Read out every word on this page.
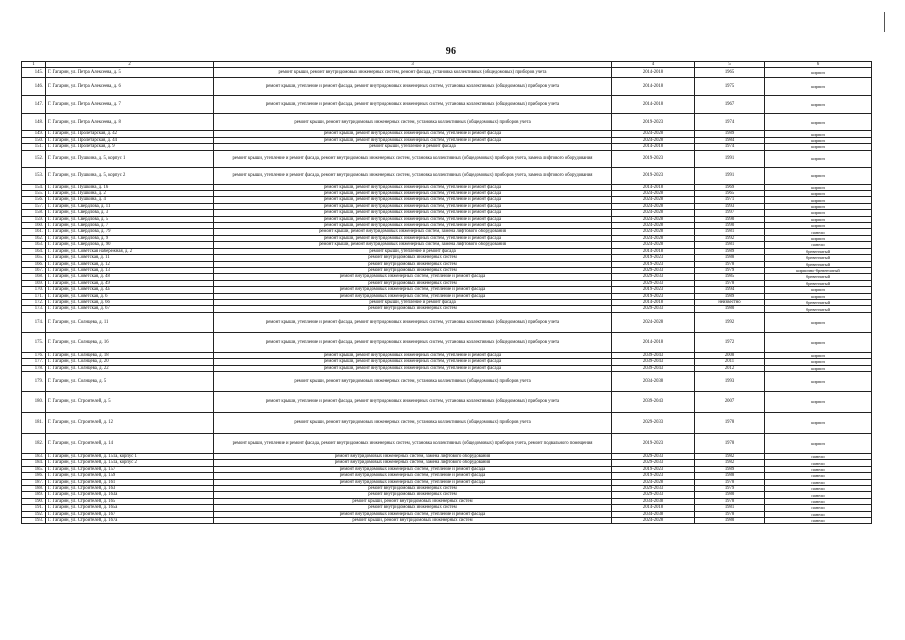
96
1	2	3	4	5	6
145.	Г. Гагарин, ул. Петра Алексеева, д. 5	ремонт крыши, ремонт внутридомовых инженерных систем, ремонт фасада, установка коллективных (общедомовых) приборов учета	2014-2018	1965	кирпич
146.	Г. Гагарин, ул. Петра Алексеева, д. 6	ремонт крыши, утепление и ремонт фасада, ремонт внутридомовых инженерных систем, установка коллективных (общедомовых) приборов учета	2014-2018	1975	кирпич
147.	Г. Гагарин, ул. Петра Алексеева, д. 7	ремонт крыши, утепление и ремонт фасада, ремонт внутридомовых инженерных систем, установка коллективных (общедомовых) приборов учета	2014-2018	1967	кирпич
148.	Г. Гагарин, ул. Петра Алексеева, д. 8	ремонт крыши, ремонт внутридомовых инженерных систем, установка коллективных (общедомовых) приборов учета	2019-2023	1974	кирпич
149.	Г. Гагарин, ул. Пролетарская, д. 42	ремонт крыши, ремонт внутридомовых инженерных систем, утепление и ремонт фасада	2024-2028	1989	кирпич
150.	Г. Гагарин, ул. Пролетарская, д. 44	ремонт крыши, ремонт внутридомовых инженерных систем, утепление и ремонт фасада	2024-2028	1984	кирпич
151.	Г. Гагарин, ул. Пролетарская, д. 9	ремонт крыши, утепление и ремонт фасада	2014-2018	1974	кирпич
152.	Г. Гагарин, ул. Пушкина, д. 5, корпус 1	ремонт крыши, утепление и ремонт фасада, ремонт внутридомовых инженерных систем, установка коллективных (общедомовых) приборов учета, замена лифтового оборудования	2019-2023	1991	кирпич
153.	Г. Гагарин, ул. Пушкина, д. 5, корпус 2	ремонт крыши, утепление и ремонт фасада, ремонт внутридомовых инженерных систем, установка коллективных (общедомовых) приборов учета, замена лифтового оборудования	2019-2023	1991	кирпич
154.	Г. Гагарин, ул. Пушкина, д. 16	ремонт крыши, ремонт внутридомовых инженерных систем, утепление и ремонт фасада	2014-2018	1969	кирпич
155.	Г. Гагарин, ул. Пушкина, д. 2	ремонт крыши, ремонт внутридомовых инженерных систем, утепление и ремонт фасада	2024-2028	1965	кирпич
156.	Г. Гагарин, ул. Пушкина, д. 4	ремонт крыши, ремонт внутридомовых инженерных систем, утепление и ремонт фасада	2024-2028	1971	кирпич
157.	Г. Гагарин, ул. Свердлова, д. 11	ремонт крыши, ремонт внутридомовых инженерных систем, утепление и ремонт фасада	2024-2028	1993	кирпич
158.	Г. Гагарин, ул. Свердлова, д. 3	ремонт крыши, ремонт внутридомовых инженерных систем, утепление и ремонт фасада	2024-2028	1997	кирпич
159.	Г. Гагарин, ул. Свердлова, д. 5	ремонт крыши, ремонт внутридомовых инженерных систем, утепление и ремонт фасада	2024-2028	1990	кирпич
160.	Г. Гагарин, ул. Свердлова, д. 7	ремонт крыши, ремонт внутридомовых инженерных систем, утепление и ремонт фасада	2024-2028	1990	кирпич
161.	Г. Гагарин, ул. Свердлова, д. 79	ремонт крыши, ремонт внутридомовых инженерных систем, замена лифтового оборудования	2024-2028	1981	панели
162.	Г. Гагарин, ул. Свердлова, д. 9	ремонт крыши, ремонт внутридомовых инженерных систем, утепление и ремонт фасада	2024-2028	1992	кирпич
163.	Г. Гагарин, ул. Свердлова, д. 90	ремонт крыши, ремонт внутридомовых инженерных систем, замена лифтового оборудования	2024-2028	1981	панели
164.	Г. Гагарин, ул. Советская набережная, д. 2	ремонт крыши, утепление и ремонт фасада	2014-2018	1989	бревенчатый
165.	Г. Гагарин, ул. Советская, д. 11	ремонт внутридомовых инженерных систем	2019-2023	1988	бревенчатый
166.	Г. Гагарин, ул. Советская, д. 12	ремонт внутридомовых инженерных систем	2019-2023	1978	бревенчатый
167.	Г. Гагарин, ул. Советская, д. 13	ремонт внутридомовых инженерных систем	2029-2033	1979	кирпично-бревенчатый
168.	Г. Гагарин, ул. Советская, д. 48	ремонт внутридомовых инженерных систем, утепление и ремонт фасада	2029-2033	1985	бревенчатый
169.	Г. Гагарин, ул. Советская, д. 49	ремонт внутридомовых инженерных систем	2029-2033	1978	бревенчатый
170.	Г. Гагарин, ул. Советская, д. 4а	ремонт внутридомовых инженерных систем, утепление и ремонт фасада	2019-2023	1994	кирпич
171.	Г. Гагарин, ул. Советская, д. 6	ремонт внутридомовых инженерных систем, утепление и ремонт фасада	2019-2023	1989	кирпич
172.	Г. Гагарин, ул. Советская, д. 66	ремонт крыши, утепление и ремонт фасада	2014-2018	неизвестно	бревенчатый
173.	Г. Гагарин, ул. Советская, д. 67	ремонт внутридомовых инженерных систем	2029-2033	1980	бревенчатый
174.	Г. Гагарин, ул. Солнцева, д. 11	ремонт крыши, утепление и ремонт фасада, ремонт внутридомовых инженерных систем, установка коллективных (общедомовых) приборов учета	2024-2028	1992	кирпич
175.	Г. Гагарин, ул. Солнцева, д. 16	ремонт крыши, утепление и ремонт фасада, ремонт внутридомовых инженерных систем, установка коллективных (общедомовых) приборов учета	2014-2018	1972	кирпич
176.	Г. Гагарин, ул. Солнцева, д. 18	ремонт крыши, ремонт внутридомовых инженерных систем, утепление и ремонт фасада	2039-2043	2008	кирпич
177.	Г. Гагарин, ул. Солнцева, д. 20	ремонт крыши, ремонт внутридомовых инженерных систем, утепление и ремонт фасада	2039-2043	2011	кирпич
178.	Г. Гагарин, ул. Солнцева, д. 22	ремонт крыши, ремонт внутридомовых инженерных систем, утепление и ремонт фасада	2039-2043	2012	кирпич
179.	Г. Гагарин, ул. Солнцева, д. 5	ремонт крыши, ремонт внутридомовых инженерных систем, установка коллективных (общедомовых) приборов учета	2034-2038	1993	кирпич
180.	Г. Гагарин, ул. Строителей, д. 5	ремонт крыши, утепление и ремонт фасада, ремонт внутридомовых инженерных систем, установка коллективных (общедомовых) приборов учета	2039-2043	2007	кирпич
181.	Г. Гагарин, ул. Строителей, д. 12	ремонт крыши, ремонт внутридомовых инженерных систем, установка коллективных (общедомовых) приборов учета	2029-2033	1978	кирпич
182.	Г. Гагарин, ул. Строителей, д. 14	ремонт крыши, утепление и ремонт фасада, ремонт внутридомовых инженерных систем, установка коллективных (общедомовых) приборов учета, ремонт подвального помещения	2019-2023	1978	кирпич
183.	Г. Гагарин, ул. Строителей, д. 151а, корпус 1	ремонт внутридомовых инженерных систем, замена лифтового оборудования	2029-2033	1982	панели
184.	Г. Гагарин, ул. Строителей, д. 151а, корпус 2	ремонт внутридомовых инженерных систем, замена лифтового оборудования	2029-2033	1982	панели
185.	Г. Гагарин, ул. Строителей, д. 157	ремонт внутридомовых инженерных систем, утепление и ремонт фасада	2019-2023	1989	панели
186.	Г. Гагарин, ул. Строителей, д. 159	ремонт внутридомовых инженерных систем, утепление и ремонт фасада	2019-2023	1988	панели
187.	Г. Гагарин, ул. Строителей, д. 161	ремонт внутридомовых инженерных систем, утепление и ремонт фасада	2024-2028	1978	панели
188.	Г. Гагарин, ул. Строителей, д. 163	ремонт внутридомовых инженерных систем	2029-2033	1979	панели
189.	Г. Гагарин, ул. Строителей, д. 163а	ремонт внутридомовых инженерных систем	2029-2033	1980	панели
190.	Г. Гагарин, ул. Строителей, д. 165	ремонт крыши, ремонт внутридомовых инженерных систем	2034-2038	1978	панели
191.	Г. Гагарин, ул. Строителей, д. 165а	ремонт внутридомовых инженерных систем	2014-2018	1981	панели
192.	Г. Гагарин, ул. Строителей, д. 167	ремонт внутридомовых инженерных систем, утепление и ремонт фасада	2034-2038	1978	панели
193.	Г. Гагарин, ул. Строителей, д. 167а	ремонт крыши, ремонт внутридомовых инженерных систем	2024-2028	1980	панели
